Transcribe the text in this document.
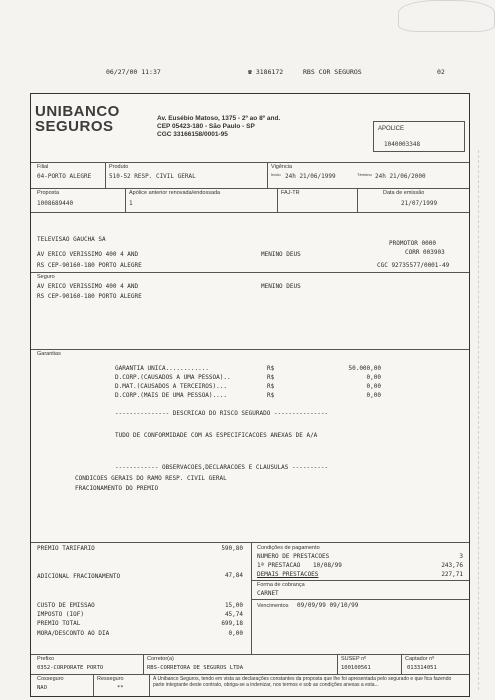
06/27/00 11:37	☎ 3186172	RBS COR SEGUROS	02
UNIBANCO
SEGUROS	Av. Eusébio Matoso, 1375 - 2º ao 8º and.
CEP 05423-180 - São Paulo - SP
CGC 33166158/0001-95
APOLICE
1040003348
Filial
04-PORTO ALEGRE
Produto
510-52 RESP. CIVIL GERAL
Vigência
Início 24h 21/06/1999	Término 24h 21/06/2000
Proposta
1008689440
Apólice anterior renovada/endossada
1
FAJ-TR	Data de emissão
21/07/1999
TELEVISAO GAUCHA SA
PROMOTOR 0000
AV ERICO VERISSIMO 400 4 AND	MENINO DEUS	CORR 003903
RS CEP-90160-180 PORTO ALEGRE	CGC 92735577/0001-49
Seguro
AV ERICO VERISSIMO 400 4 AND	MENINO DEUS
RS CEP-90160-180 PORTO ALEGRE
Garantias
GARANTIA UNICA............	R$	50.000,00
D.CORP.(CAUSADOS A UMA PESSOA)..	R$	0,00
D.MAT.(CAUSADOS A TERCEIROS)...	R$	0,00
D.CORP.(MAIS DE UMA PESSOA)....	R$	0,00
--------------- DESCRICAO DO RISCO SEGURADO ---------------
TUDO DE CONFORMIDADE COM AS ESPECIFICACOES ANEXAS DE A/A
------------ OBSERVACOES,DECLARACOES E CLAUSULAS ----------
CONDICOES GERAIS DO RAMO RESP. CIVIL GERAL
FRACIONAMENTO DO PREMIO
PREMIO TARIFARIO	590,80
ADICIONAL FRACIONAMENTO	47,84
CUSTO DE EMISSAO	15,00
IMPOSTO (IOF)	45,74
PREMIO TOTAL	699,18
MORA/DESCONTO AO DIA	0,00
Condições de pagamento
NUMERO DE PRESTACOES	3
1ª PRESTACAO 10/08/99	243,76
DEMAIS PRESTACOES	227,71
Forma de cobrança
CARNET
Vencimentos 09/09/99 09/10/99
Prefixo
0352-CORPORATE PORTO
Corretor(a)
RBS-CORRETORA DE SEGUROS LTDA
SUSEP nº
100100561
Captador nº
013314051
Cosseguro
NAO
Resseguro
**
A Unibanco Seguros, tendo em vista as declarações constantes da proposta que lhe foi apresentada pelo segurado e que fica fazendo parte integrante deste contrato, obriga-se a indenizar, nos termos e sob as condições anexas a esta...
